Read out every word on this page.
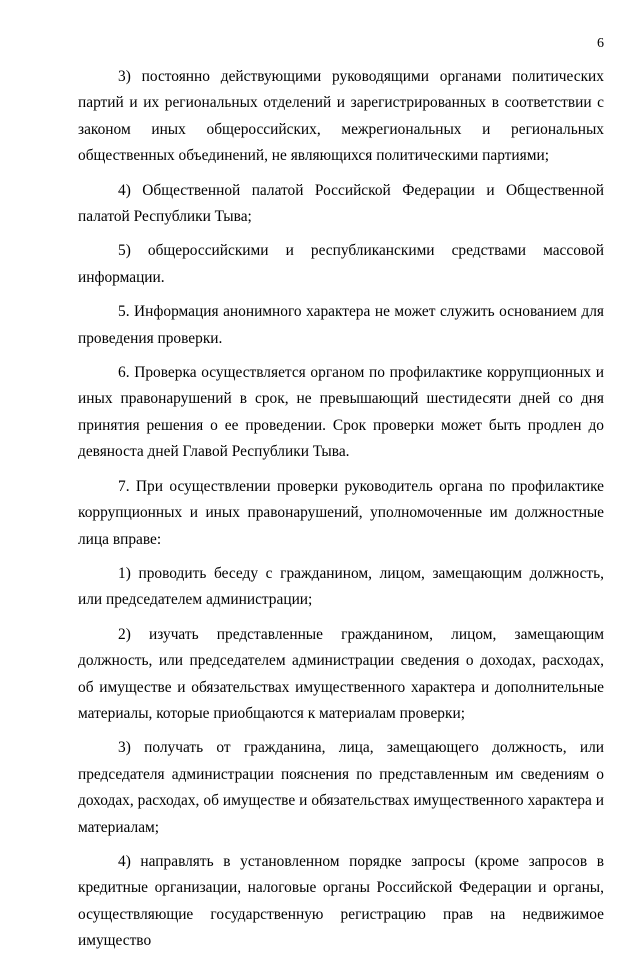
6

3) постоянно действующими руководящими органами политических партий и их региональных отделений и зарегистрированных в соответствии с законом иных общероссийских, межрегиональных и региональных общественных объединений, не являющихся политическими партиями;

4) Общественной палатой Российской Федерации и Общественной палатой Республики Тыва;

5) общероссийскими и республиканскими средствами массовой информации.

5. Информация анонимного характера не может служить основанием для проведения проверки.

6. Проверка осуществляется органом по профилактике коррупционных и иных правонарушений в срок, не превышающий шестидесяти дней со дня принятия решения о ее проведении. Срок проверки может быть продлен до девяноста дней Главой Республики Тыва.

7. При осуществлении проверки руководитель органа по профилактике коррупционных и иных правонарушений, уполномоченные им должностные лица вправе:

1) проводить беседу с гражданином, лицом, замещающим должность, или председателем администрации;

2) изучать представленные гражданином, лицом, замещающим должность, или председателем администрации сведения о доходах, расходах, об имуществе и обязательствах имущественного характера и дополнительные материалы, которые приобщаются к материалам проверки;

3) получать от гражданина, лица, замещающего должность, или председателя администрации пояснения по представленным им сведениям о доходах, расходах, об имуществе и обязательствах имущественного характера и материалам;

4) направлять в установленном порядке запросы (кроме запросов в кредитные организации, налоговые органы Российской Федерации и органы, осуществляющие государственную регистрацию прав на недвижимое имущество
